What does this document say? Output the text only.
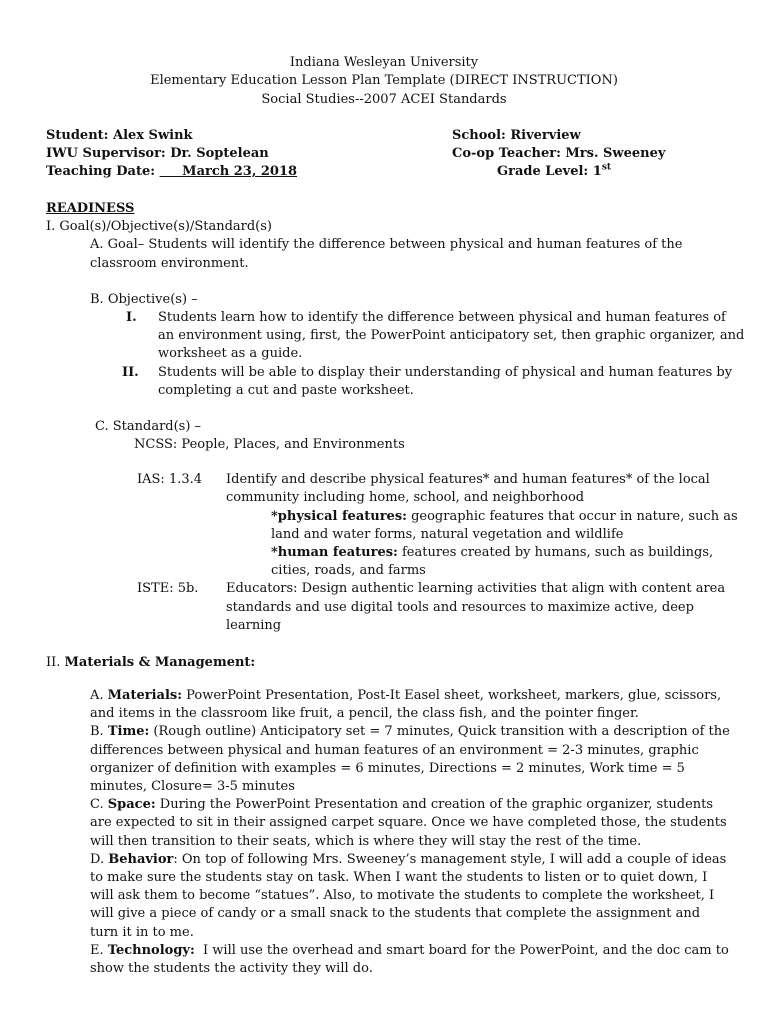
Indiana Wesleyan University
Elementary Education Lesson Plan Template (DIRECT INSTRUCTION)
Social Studies--2007 ACEI Standards
Student: Alex Swink
IWU Supervisor: Dr. Soptelean
Teaching Date:      March 23, 2018
School: Riverview
Co-op Teacher: Mrs. Sweeney
Grade Level: 1st
READINESS
I. Goal(s)/Objective(s)/Standard(s)
A. Goal– Students will identify the difference between physical and human features of the
classroom environment.
B. Objective(s) –
I. Students learn how to identify the difference between physical and human features of
an environment using, first, the PowerPoint anticipatory set, then graphic organizer, and
worksheet as a guide.
II. Students will be able to display their understanding of physical and human features by
completing a cut and paste worksheet.
C. Standard(s) –
NCSS: People, Places, and Environments
IAS: 1.3.4 Identify and describe physical features* and human features* of the local
community including home, school, and neighborhood
*physical features: geographic features that occur in nature, such as
land and water forms, natural vegetation and wildlife
*human features: features created by humans, such as buildings,
cities, roads, and farms
ISTE: 5b. Educators: Design authentic learning activities that align with content area
standards and use digital tools and resources to maximize active, deep
learning
II. Materials & Management:
A. Materials: PowerPoint Presentation, Post-It Easel sheet, worksheet, markers, glue, scissors, and items in the classroom like fruit, a pencil, the class fish, and the pointer finger.
B. Time: (Rough outline) Anticipatory set = 7 minutes, Quick transition with a description of the differences between physical and human features of an environment = 2-3 minutes, graphic organizer of definition with examples = 6 minutes, Directions = 2 minutes, Work time = 5 minutes, Closure= 3-5 minutes
C. Space: During the PowerPoint Presentation and creation of the graphic organizer, students are expected to sit in their assigned carpet square. Once we have completed those, the students will then transition to their seats, which is where they will stay the rest of the time.
D. Behavior: On top of following Mrs. Sweeney’s management style, I will add a couple of ideas to make sure the students stay on task. When I want the students to listen or to quiet down, I will ask them to become “statues”. Also, to motivate the students to complete the worksheet, I will give a piece of candy or a small snack to the students that complete the assignment and turn it in to me.
E. Technology:  I will use the overhead and smart board for the PowerPoint, and the doc cam to show the students the activity they will do.
